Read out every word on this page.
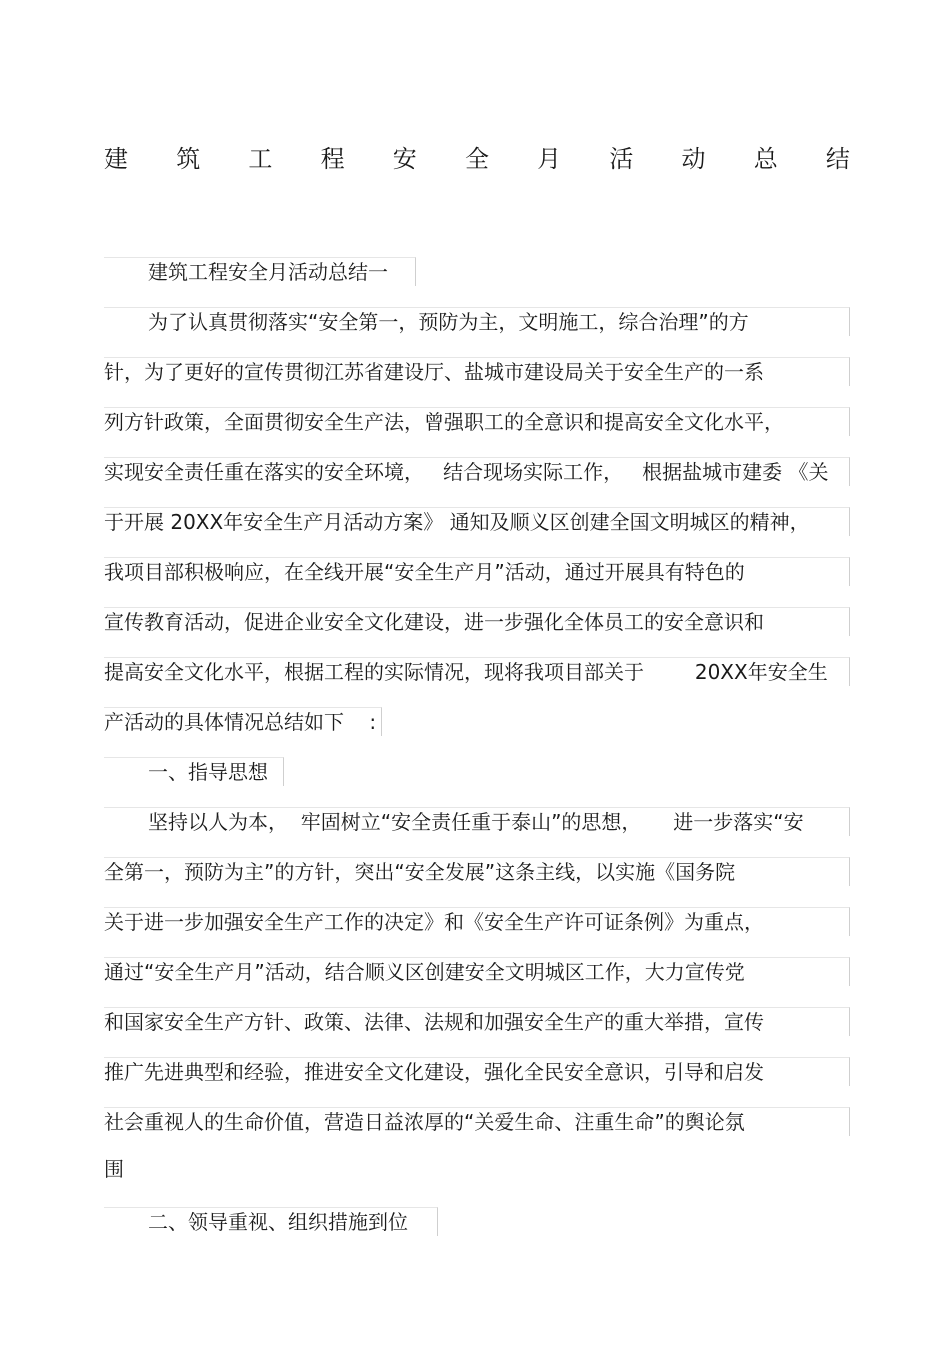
建 筑 工 程 安 全 月 活 动 总 结
建筑工程安全月活动总结一
为了认真贯彻落实“安全第一，预防为主，文明施工，综合治理”的方
针，为了更好的宣传贯彻江苏省建设厅、盐城市建设局关于安全生产的一系
列方针政策，全面贯彻安全生产法，曾强职工的全意识和提高安全文化水平，
实现安全责任重在落实的安全环境，   结合现场实际工作，   根据盐城市建委 《关
于开展 20XX年安全生产月活动方案》 通知及顺义区创建全国文明城区的精神，
我项目部积极响应，在全线开展“安全生产月”活动，通过开展具有特色的
宣传教育活动，促进企业安全文化建设，进一步强化全体员工的安全意识和
提高安全文化水平，根据工程的实际情况，现将我项目部关于        20XX年安全生
产活动的具体情况总结如下    :
一、指导思想
坚持以人为本，  牢固树立“安全责任重于泰山”的思想，     进一步落实“安
全第一，预防为主”的方针，突出“安全发展”这条主线，以实施《国务院
关于进一步加强安全生产工作的决定》和《安全生产许可证条例》为重点，
通过“安全生产月”活动，结合顺义区创建安全文明城区工作，大力宣传党
和国家安全生产方针、政策、法律、法规和加强安全生产的重大举措，宣传
推广先进典型和经验，推进安全文化建设，强化全民安全意识，引导和启发
社会重视人的生命价值，营造日益浓厚的“关爱生命、注重生命”的舆论氛
围
二、领导重视、组织措施到位
